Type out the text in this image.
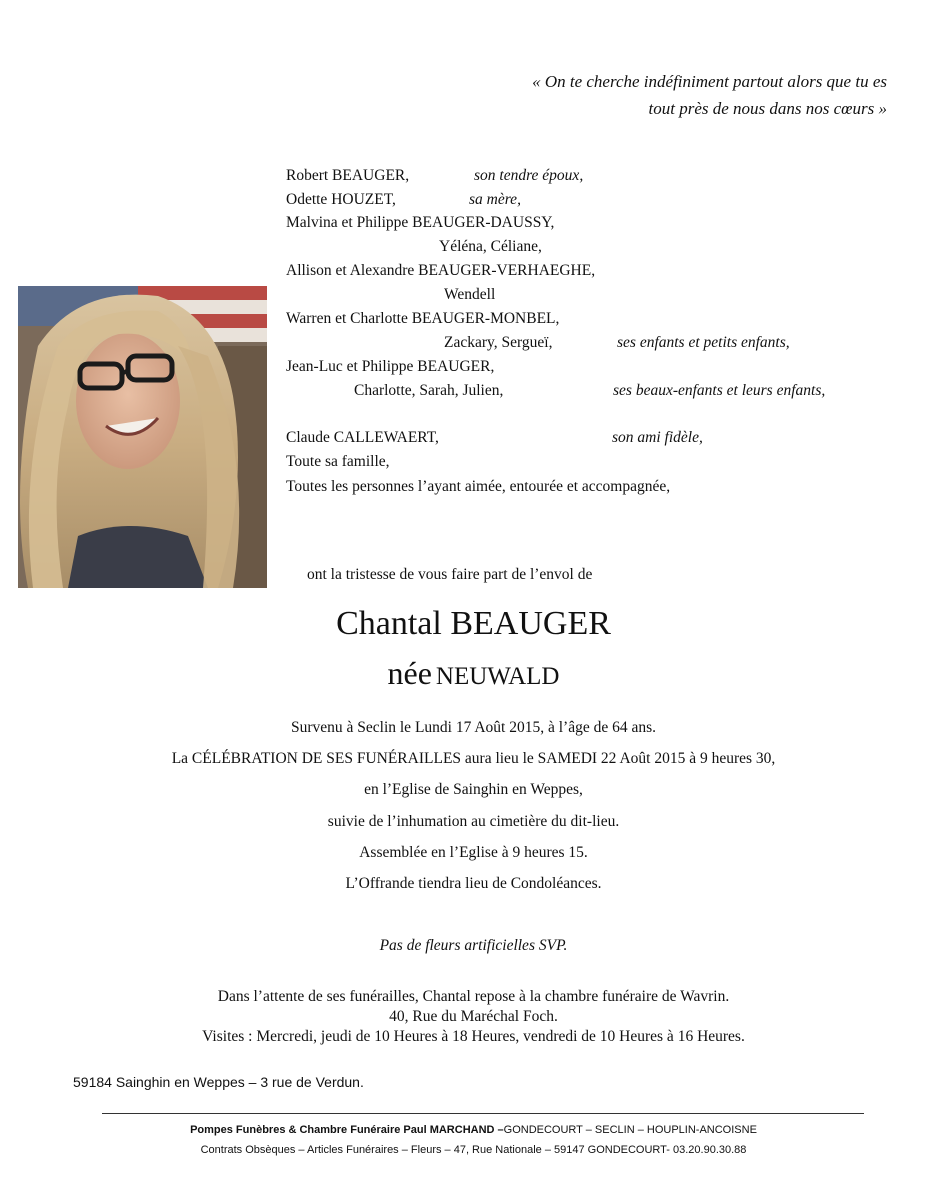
« On te cherche indéfiniment partout alors que tu es
tout près de nous dans nos cœurs »
Robert BEAUGER,	son tendre époux,
Odette HOUZET,	sa mère,
Malvina et Philippe BEAUGER-DAUSSY,
Yéléna, Céliane,
Allison et Alexandre BEAUGER-VERHAEGHE,
Wendell
Warren et Charlotte BEAUGER-MONBEL,
Zackary, Sergueï,	ses enfants et petits enfants,
Jean-Luc et Philippe BEAUGER,
Charlotte, Sarah, Julien,	ses beaux-enfants et leurs enfants,
Claude CALLEWAERT,	son ami fidèle,
Toute sa famille,
Toutes les personnes l’ayant aimée, entourée et accompagnée,
ont la tristesse de vous faire part de l’envol de
Chantal BEAUGER
née NEUWALD
Survenu à Seclin le Lundi 17 Août 2015, à l’âge de 64 ans.
La CÉLÉBRATION DE SES FUNÉRAILLES aura lieu le SAMEDI 22 Août 2015 à 9 heures 30,
en l’Eglise de Sainghin en Weppes,
suivie de l’inhumation au cimetière du dit-lieu.
Assemblée en l’Eglise à 9 heures 15.
L’Offrande tiendra lieu de Condoléances.
Pas de fleurs artificielles SVP.
Dans l’attente de ses funérailles, Chantal repose à la chambre funéraire de Wavrin.
40, Rue du Maréchal Foch.
Visites : Mercredi, jeudi de 10 Heures à 18 Heures, vendredi de 10 Heures à 16 Heures.
59184 Sainghin en Weppes – 3 rue de Verdun.
Pompes Funèbres & Chambre Funéraire Paul MARCHAND –GONDECOURT – SECLIN – HOUPLIN-ANCOISNE
Contrats Obsèques – Articles Funéraires – Fleurs – 47, Rue Nationale – 59147 GONDECOURT- 03.20.90.30.88
